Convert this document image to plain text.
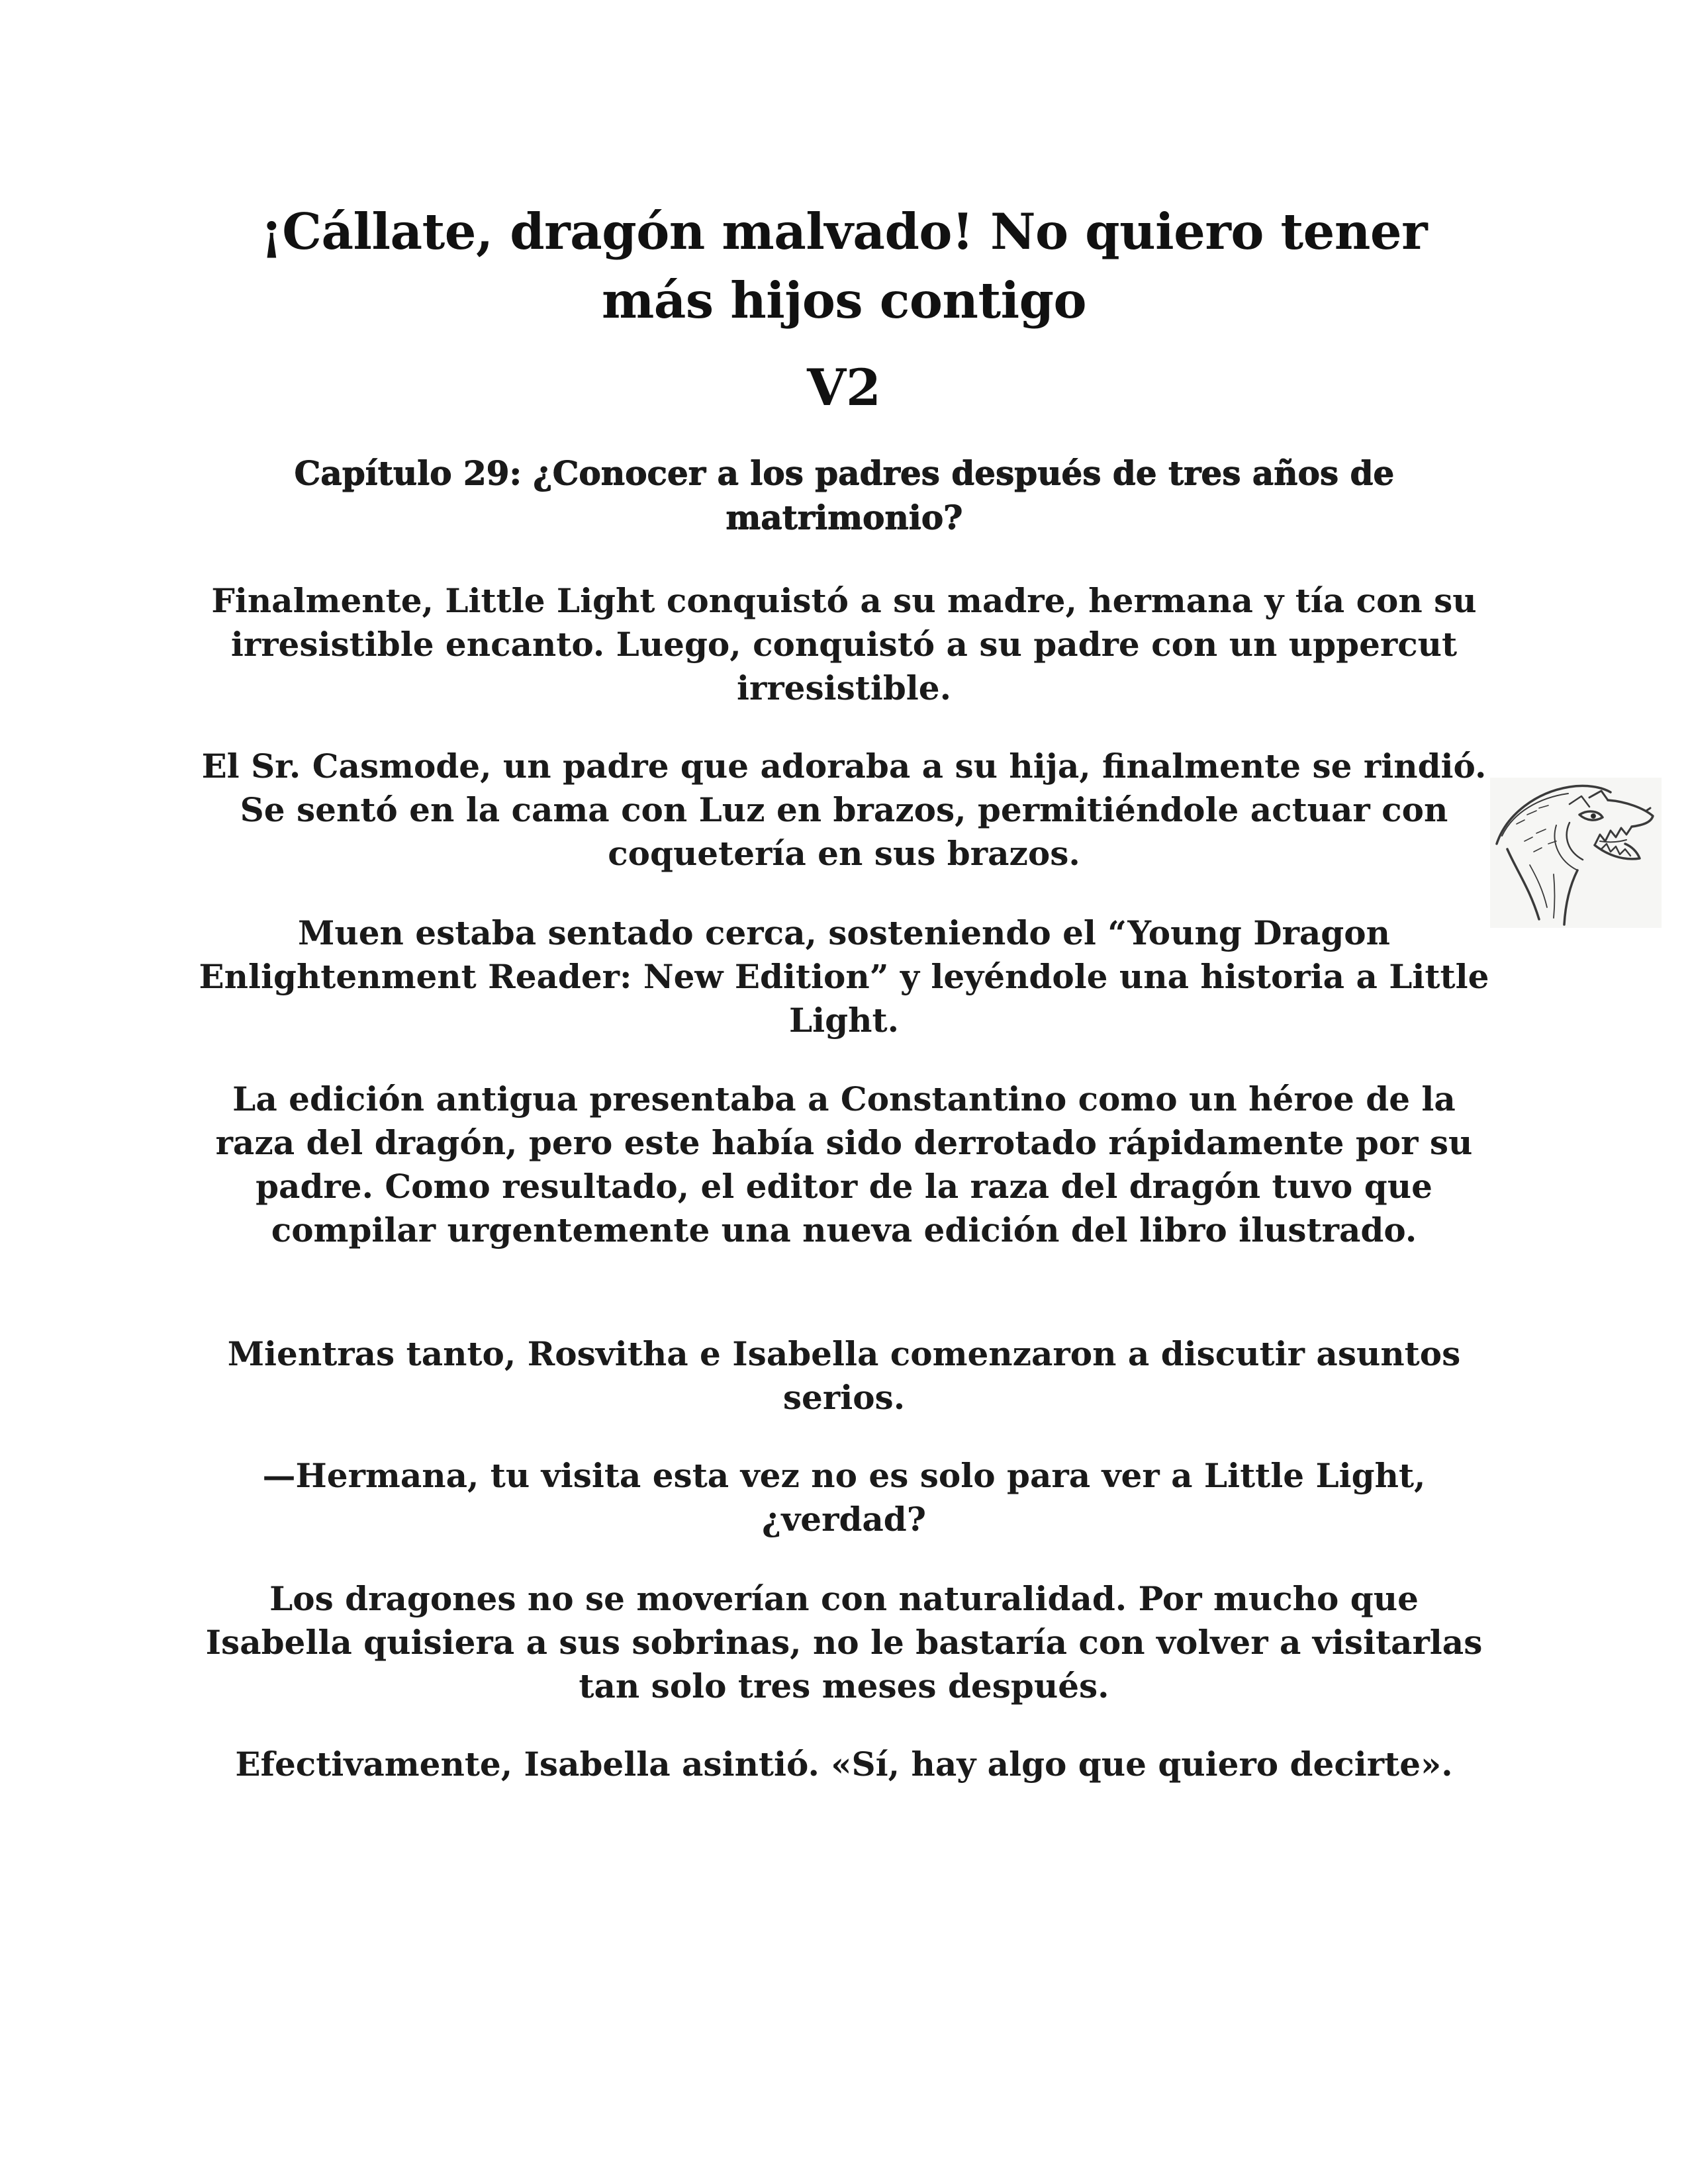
¡Cállate, dragón malvado! No quiero tener más hijos contigo
V2
Capítulo 29: ¿Conocer a los padres después de tres años de matrimonio?

Finalmente, Little Light conquistó a su madre, hermana y tía con su irresistible encanto. Luego, conquistó a su padre con un uppercut irresistible.

El Sr. Casmode, un padre que adoraba a su hija, finalmente se rindió. Se sentó en la cama con Luz en brazos, permitiéndole actuar con coquetería en sus brazos.

Muen estaba sentado cerca, sosteniendo el “Young Dragon Enlightenment Reader: New Edition” y leyéndole una historia a Little Light.

La edición antigua presentaba a Constantino como un héroe de la raza del dragón, pero este había sido derrotado rápidamente por su padre. Como resultado, el editor de la raza del dragón tuvo que compilar urgentemente una nueva edición del libro ilustrado.

Mientras tanto, Rosvitha e Isabella comenzaron a discutir asuntos serios.

—Hermana, tu visita esta vez no es solo para ver a Little Light, ¿verdad?

Los dragones no se moverían con naturalidad. Por mucho que Isabella quisiera a sus sobrinas, no le bastaría con volver a visitarlas tan solo tres meses después.

Efectivamente, Isabella asintió. «Sí, hay algo que quiero decirte».
